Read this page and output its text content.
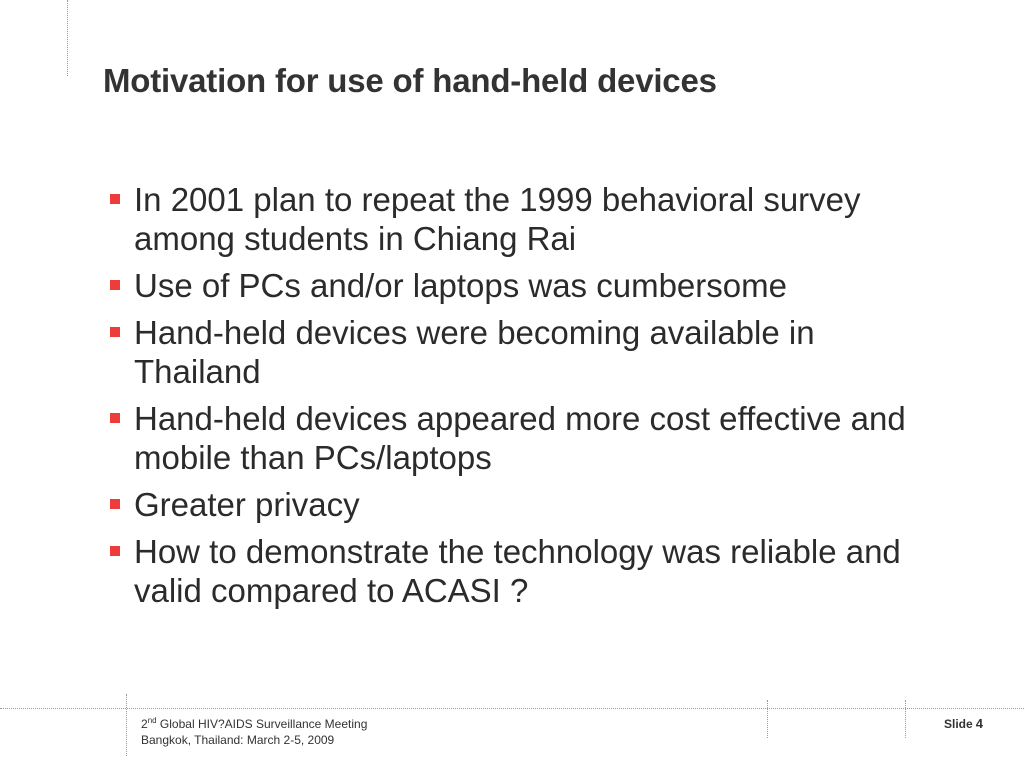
Motivation for use of hand-held devices
In 2001 plan to repeat the 1999 behavioral survey among students in Chiang Rai
Use of PCs and/or laptops was cumbersome
Hand-held devices were becoming available in Thailand
Hand-held devices appeared more cost effective and mobile than PCs/laptops
Greater privacy
How to demonstrate the technology was reliable and valid compared to ACASI ?
2nd Global HIV?AIDS Surveillance Meeting
Bangkok, Thailand: March 2-5, 2009
Slide 4
